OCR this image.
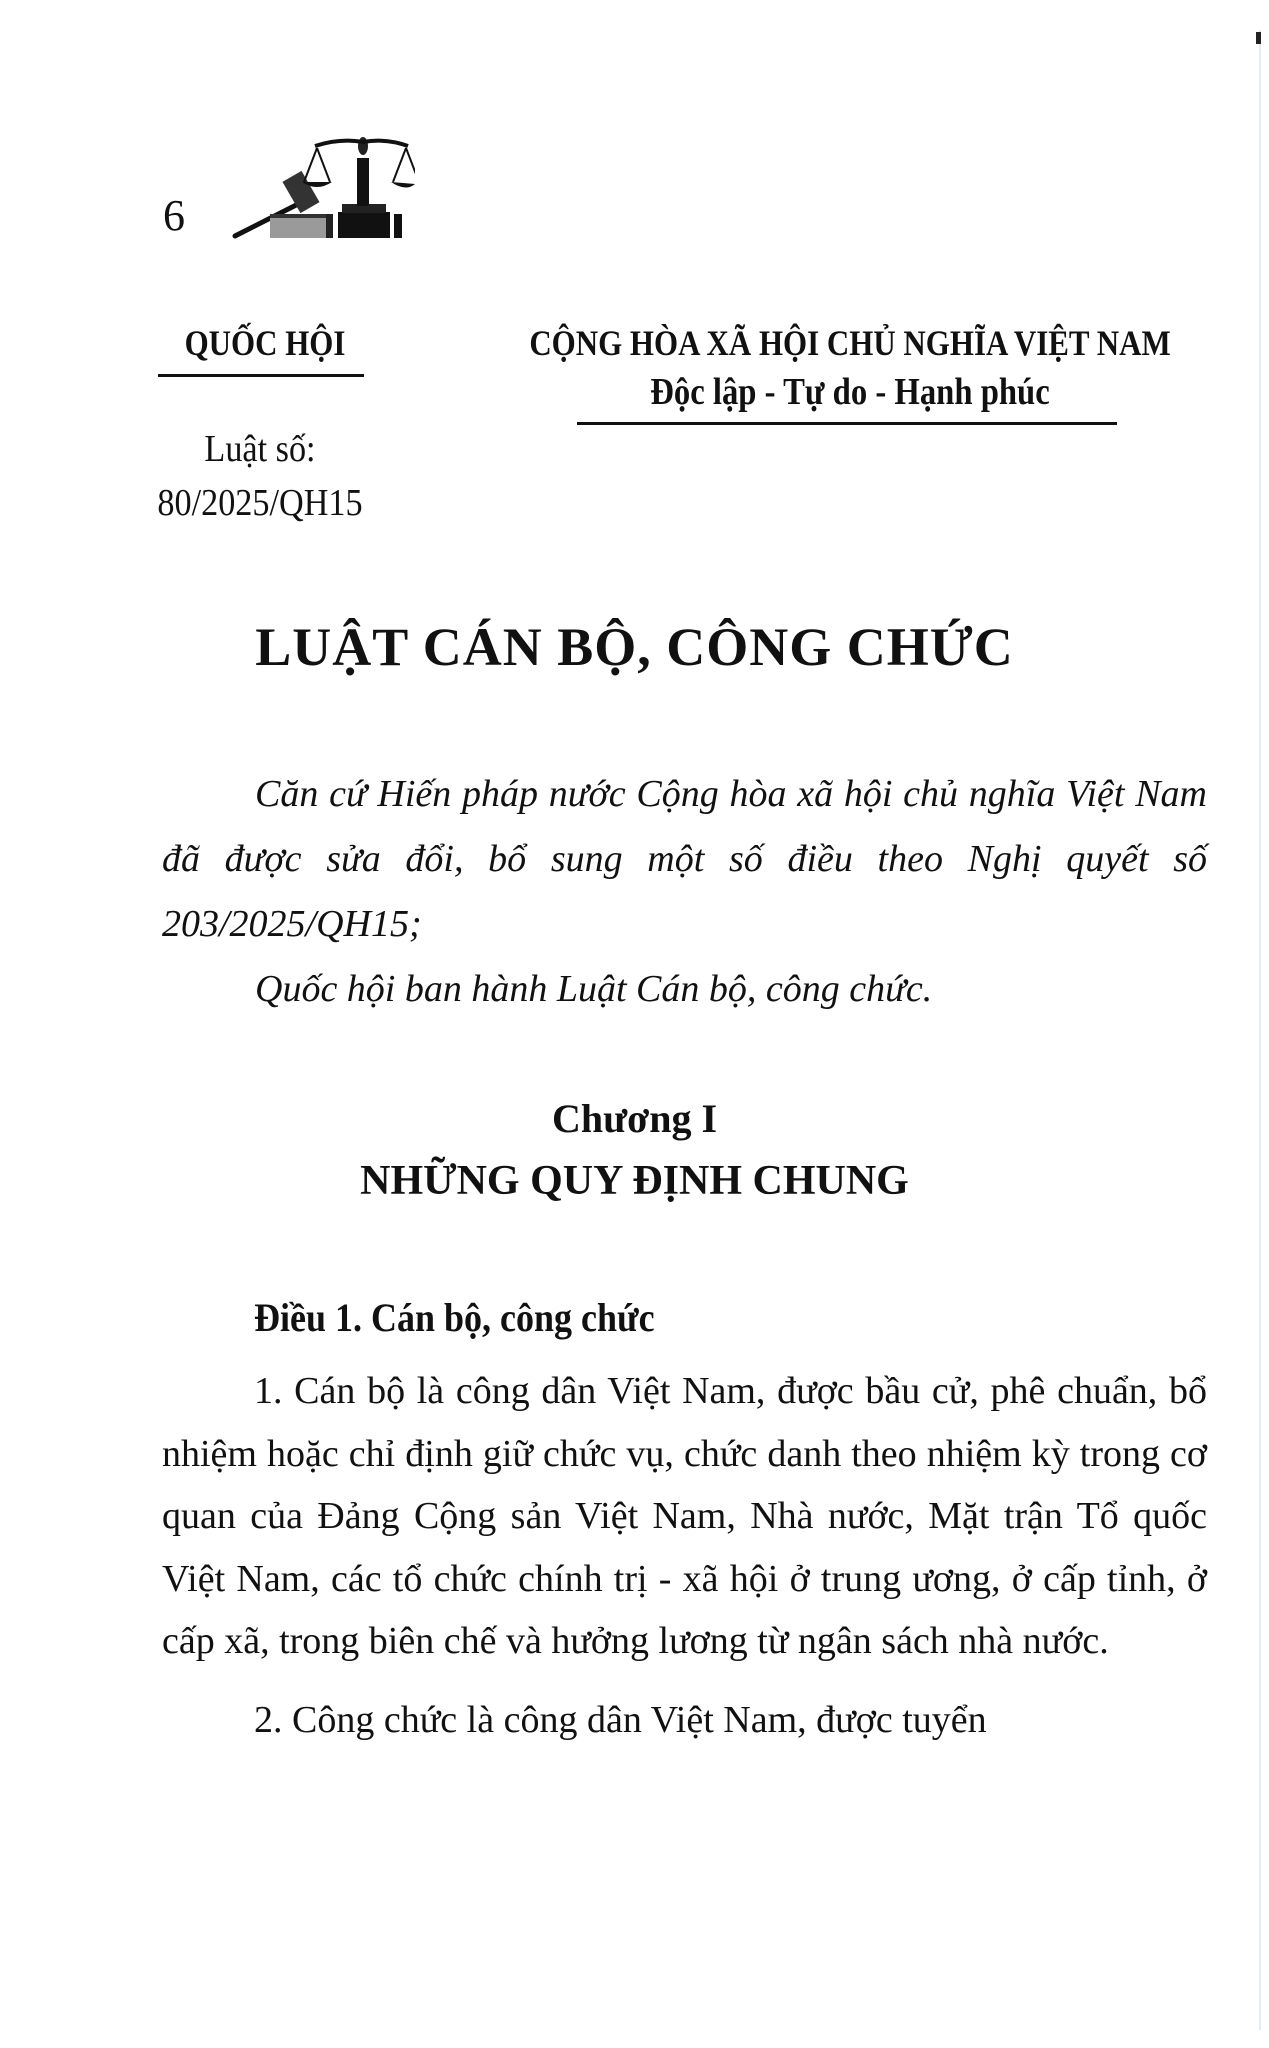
6
QUỐC HỘI	CỘNG HÒA XÃ HỘI CHỦ NGHĨA VIỆT NAM
Độc lập - Tự do - Hạnh phúc
Luật số:
80/2025/QH15
LUẬT CÁN BỘ, CÔNG CHỨC

Căn cứ Hiến pháp nước Cộng hòa xã hội chủ nghĩa Việt Nam đã được sửa đổi, bổ sung một số điều theo Nghị quyết số 203/2025/QH15;

Quốc hội ban hành Luật Cán bộ, công chức.

Chương I
NHỮNG QUY ĐỊNH CHUNG
Điều 1. Cán bộ, công chức

1. Cán bộ là công dân Việt Nam, được bầu cử, phê chuẩn, bổ nhiệm hoặc chỉ định giữ chức vụ, chức danh theo nhiệm kỳ trong cơ quan của Đảng Cộng sản Việt Nam, Nhà nước, Mặt trận Tổ quốc Việt Nam, các tổ chức chính trị - xã hội ở trung ương, ở cấp tỉnh, ở cấp xã, trong biên chế và hưởng lương từ ngân sách nhà nước.

2. Công chức là công dân Việt Nam, được tuyển
